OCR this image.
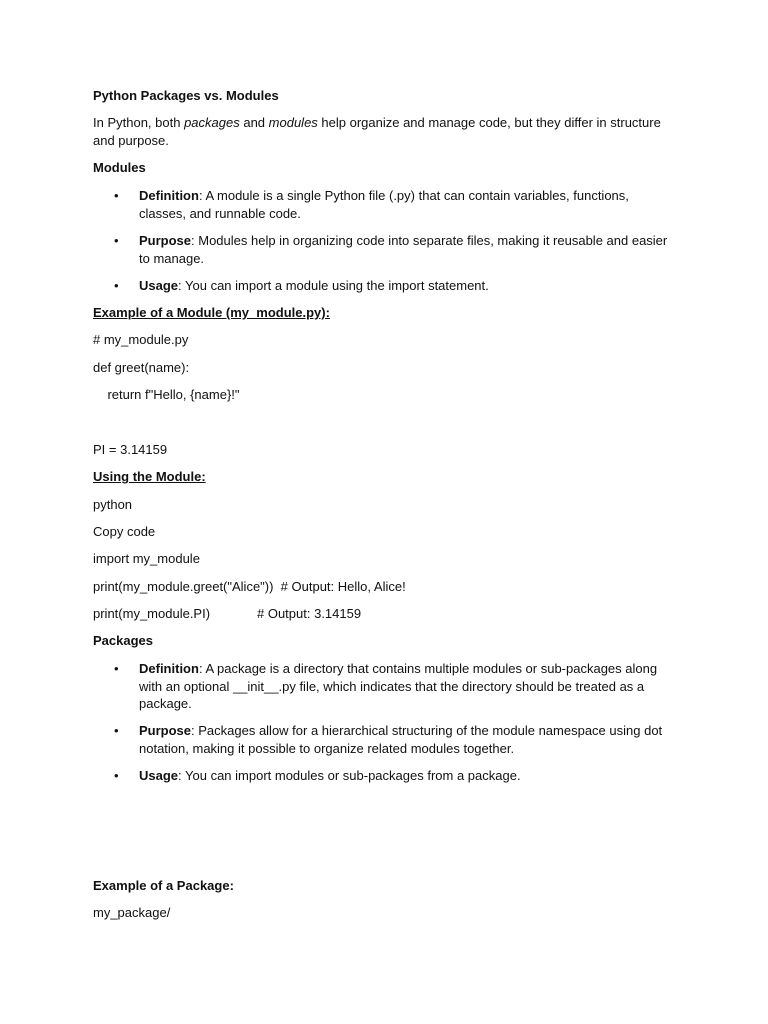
Python Packages vs. Modules
In Python, both packages and modules help organize and manage code, but they differ in structure and purpose.
Modules
• Definition: A module is a single Python file (.py) that can contain variables, functions, classes, and runnable code.
• Purpose: Modules help in organizing code into separate files, making it reusable and easier to manage.
• Usage: You can import a module using the import statement.
Example of a Module (my_module.py):
# my_module.py
def greet(name):
return f"Hello, {name}!"
PI = 3.14159
Using the Module:
python
Copy code
import my_module
print(my_module.greet("Alice"))  # Output: Hello, Alice!
print(my_module.PI)             # Output: 3.14159
Packages
• Definition: A package is a directory that contains multiple modules or sub-packages along with an optional __init__.py file, which indicates that the directory should be treated as a package.
• Purpose: Packages allow for a hierarchical structuring of the module namespace using dot notation, making it possible to organize related modules together.
• Usage: You can import modules or sub-packages from a package.
Example of a Package:
my_package/
